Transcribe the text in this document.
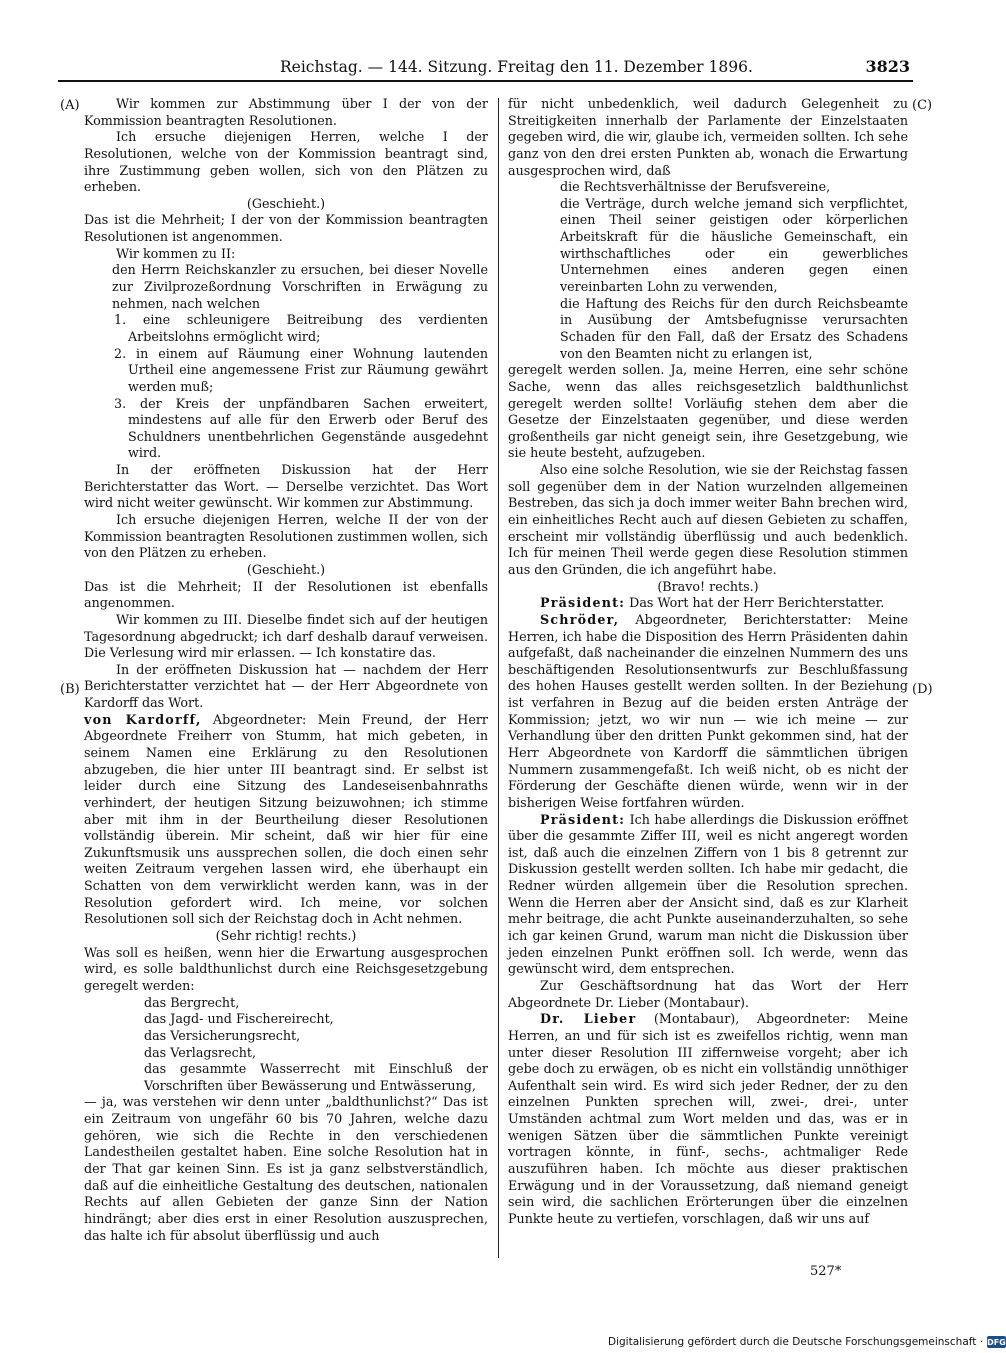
Reichstag. — 144. Sitzung. Freitag den 11. Dezember 1896.	3823
(A)
(B)
(C)
(D)

Wir kommen zur Abstimmung über I der von der Kommission beantragten Resolutionen.

Ich ersuche diejenigen Herren, welche I der Resolutionen, welche von der Kommission beantragt sind, ihre Zustimmung geben wollen, sich von den Plätzen zu erheben.

(Geschieht.)

Das ist die Mehrheit; I der von der Kommission beantragten Resolutionen ist angenommen.

Wir kommen zu II:

den Herrn Reichskanzler zu ersuchen, bei dieser Novelle zur Zivilprozeßordnung Vorschriften in Erwägung zu nehmen, nach welchen

1. eine schleunigere Beitreibung des verdienten Arbeitslohns ermöglicht wird;

2. in einem auf Räumung einer Wohnung lautenden Urtheil eine angemessene Frist zur Räumung gewährt werden muß;

3. der Kreis der unpfändbaren Sachen erweitert, mindestens auf alle für den Erwerb oder Beruf des Schuldners unentbehrlichen Gegenstände ausgedehnt wird.

In der eröffneten Diskussion hat der Herr Berichterstatter das Wort. — Derselbe verzichtet. Das Wort wird nicht weiter gewünscht. Wir kommen zur Abstimmung.

Ich ersuche diejenigen Herren, welche II der von der Kommission beantragten Resolutionen zustimmen wollen, sich von den Plätzen zu erheben.

(Geschieht.)

Das ist die Mehrheit; II der Resolutionen ist ebenfalls angenommen.

Wir kommen zu III. Dieselbe findet sich auf der heutigen Tagesordnung abgedruckt; ich darf deshalb darauf verweisen. Die Verlesung wird mir erlassen. — Ich konstatire das.

In der eröffneten Diskussion hat — nachdem der Herr Berichterstatter verzichtet hat — der Herr Abgeordnete von Kardorff das Wort.

von Kardorff, Abgeordneter: Mein Freund, der Herr Abgeordnete Freiherr von Stumm, hat mich gebeten, in seinem Namen eine Erklärung zu den Resolutionen abzugeben, die hier unter III beantragt sind. Er selbst ist leider durch eine Sitzung des Landeseisenbahnraths verhindert, der heutigen Sitzung beizuwohnen; ich stimme aber mit ihm in der Beurtheilung dieser Resolutionen vollständig überein. Mir scheint, daß wir hier für eine Zukunftsmusik uns aussprechen sollen, die doch einen sehr weiten Zeitraum vergehen lassen wird, ehe überhaupt ein Schatten von dem verwirklicht werden kann, was in der Resolution gefordert wird. Ich meine, vor solchen Resolutionen soll sich der Reichstag doch in Acht nehmen.

(Sehr richtig! rechts.)

Was soll es heißen, wenn hier die Erwartung ausgesprochen wird, es solle baldthunlichst durch eine Reichsgesetzgebung geregelt werden:

das Bergrecht,

das Jagd- und Fischereirecht,

das Versicherungsrecht,

das Verlagsrecht,

das gesammte Wasserrecht mit Einschluß der Vorschriften über Bewässerung und Entwässerung,

— ja, was verstehen wir denn unter „baldthunlichst?“ Das ist ein Zeitraum von ungefähr 60 bis 70 Jahren, welche dazu gehören, wie sich die Rechte in den verschiedenen Landestheilen gestaltet haben. Eine solche Resolution hat in der That gar keinen Sinn. Es ist ja ganz selbstverständlich, daß auf die einheitliche Gestaltung des deutschen, nationalen Rechts auf allen Gebieten der ganze Sinn der Nation hindrängt; aber dies erst in einer Resolution auszusprechen, das halte ich für absolut überflüssig und auch

für nicht unbedenklich, weil dadurch Gelegenheit zu Streitigkeiten innerhalb der Parlamente der Einzelstaaten gegeben wird, die wir, glaube ich, vermeiden sollten. Ich sehe ganz von den drei ersten Punkten ab, wonach die Erwartung ausgesprochen wird, daß

die Rechtsverhältnisse der Berufsvereine,

die Verträge, durch welche jemand sich verpflichtet, einen Theil seiner geistigen oder körperlichen Arbeitskraft für die häusliche Gemeinschaft, ein wirthschaftliches oder ein gewerbliches Unternehmen eines anderen gegen einen vereinbarten Lohn zu verwenden,

die Haftung des Reichs für den durch Reichsbeamte in Ausübung der Amtsbefugnisse verursachten Schaden für den Fall, daß der Ersatz des Schadens von den Beamten nicht zu erlangen ist,

geregelt werden sollen. Ja, meine Herren, eine sehr schöne Sache, wenn das alles reichsgesetzlich baldthunlichst geregelt werden sollte! Vorläufig stehen dem aber die Gesetze der Einzelstaaten gegenüber, und diese werden großentheils gar nicht geneigt sein, ihre Gesetzgebung, wie sie heute besteht, aufzugeben.

Also eine solche Resolution, wie sie der Reichstag fassen soll gegenüber dem in der Nation wurzelnden allgemeinen Bestreben, das sich ja doch immer weiter Bahn brechen wird, ein einheitliches Recht auch auf diesen Gebieten zu schaffen, erscheint mir vollständig überflüssig und auch bedenklich. Ich für meinen Theil werde gegen diese Resolution stimmen aus den Gründen, die ich angeführt habe.

(Bravo! rechts.)

Präsident: Das Wort hat der Herr Berichterstatter.

Schröder, Abgeordneter, Berichterstatter: Meine Herren, ich habe die Disposition des Herrn Präsidenten dahin aufgefaßt, daß nacheinander die einzelnen Nummern des uns beschäftigenden Resolutionsentwurfs zur Beschlußfassung des hohen Hauses gestellt werden sollten. In der Beziehung ist verfahren in Bezug auf die beiden ersten Anträge der Kommission; jetzt, wo wir nun — wie ich meine — zur Verhandlung über den dritten Punkt gekommen sind, hat der Herr Abgeordnete von Kardorff die sämmtlichen übrigen Nummern zusammengefaßt. Ich weiß nicht, ob es nicht der Förderung der Geschäfte dienen würde, wenn wir in der bisherigen Weise fortfahren würden.

Präsident: Ich habe allerdings die Diskussion eröffnet über die gesammte Ziffer III, weil es nicht angeregt worden ist, daß auch die einzelnen Ziffern von 1 bis 8 getrennt zur Diskussion gestellt werden sollten. Ich habe mir gedacht, die Redner würden allgemein über die Resolution sprechen. Wenn die Herren aber der Ansicht sind, daß es zur Klarheit mehr beitrage, die acht Punkte auseinanderzuhalten, so sehe ich gar keinen Grund, warum man nicht die Diskussion über jeden einzelnen Punkt eröffnen soll. Ich werde, wenn das gewünscht wird, dem entsprechen.

Zur Geschäftsordnung hat das Wort der Herr Abgeordnete Dr. Lieber (Montabaur).

Dr. Lieber (Montabaur), Abgeordneter: Meine Herren, an und für sich ist es zweifellos richtig, wenn man unter dieser Resolution III ziffernweise vorgeht; aber ich gebe doch zu erwägen, ob es nicht ein vollständig unnöthiger Aufenthalt sein wird. Es wird sich jeder Redner, der zu den einzelnen Punkten sprechen will, zwei-, drei-, unter Umständen achtmal zum Wort melden und das, was er in wenigen Sätzen über die sämmtlichen Punkte vereinigt vortragen könnte, in fünf-, sechs-, achtmaliger Rede auszuführen haben. Ich möchte aus dieser praktischen Erwägung und in der Voraussetzung, daß niemand geneigt sein wird, die sachlichen Erörterungen über die einzelnen Punkte heute zu vertiefen, vorschlagen, daß wir uns auf

527*
Digitalisierung gefördert durch die Deutsche Forschungsgemeinschaft · DFG
